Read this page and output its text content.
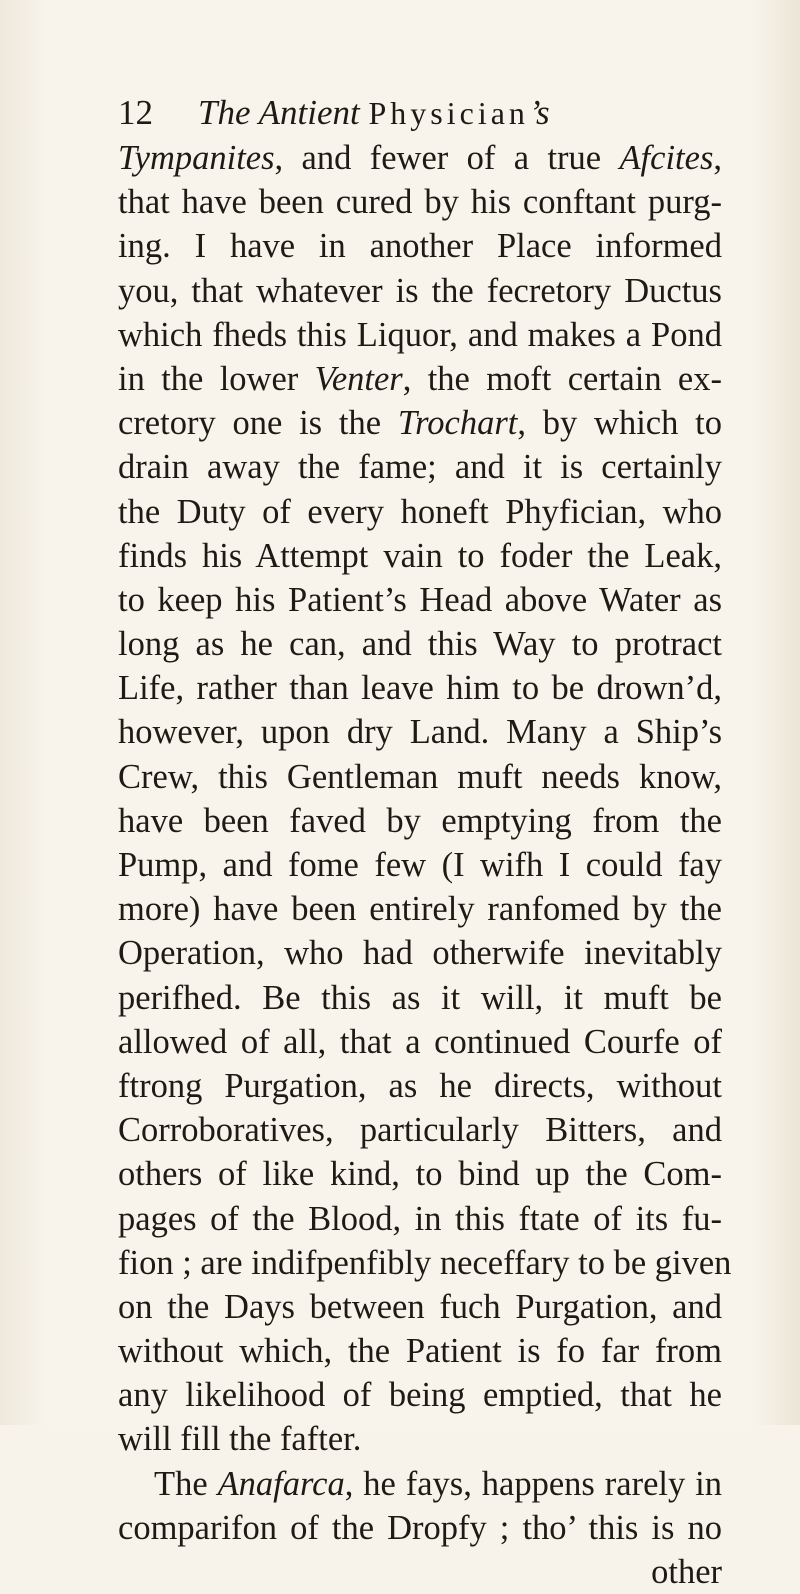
12 The Antient Physician’s
Tympanites, and fewer of a true Afcites,
that have been cured by his conftant purg-
ing. I have in another Place informed
you, that whatever is the fecretory Ductus
which fheds this Liquor, and makes a Pond
in the lower Venter, the moft certain ex-
cretory one is the Trochart, by which to
drain away the fame; and it is certainly
the Duty of every honeft Phyfician, who
finds his Attempt vain to foder the Leak,
to keep his Patient’s Head above Water as
long as he can, and this Way to protract
Life, rather than leave him to be drown’d,
however, upon dry Land. Many a Ship’s
Crew, this Gentleman muft needs know,
have been faved by emptying from the
Pump, and fome few (I wifh I could fay
more) have been entirely ranfomed by the
Operation, who had otherwife inevitably
perifhed. Be this as it will, it muft be
allowed of all, that a continued Courfe of
ftrong Purgation, as he directs, without
Corroboratives, particularly Bitters, and
others of like kind, to bind up the Com-
pages of the Blood, in this ftate of its fu-
fion ; are indifpenfibly neceffary to be given
on the Days between fuch Purgation, and
without which, the Patient is fo far from
any likelihood of being emptied, that he
will fill the fafter.
The Anafarca, he fays, happens rarely in
comparifon of the Dropfy ; tho’ this is no
other
